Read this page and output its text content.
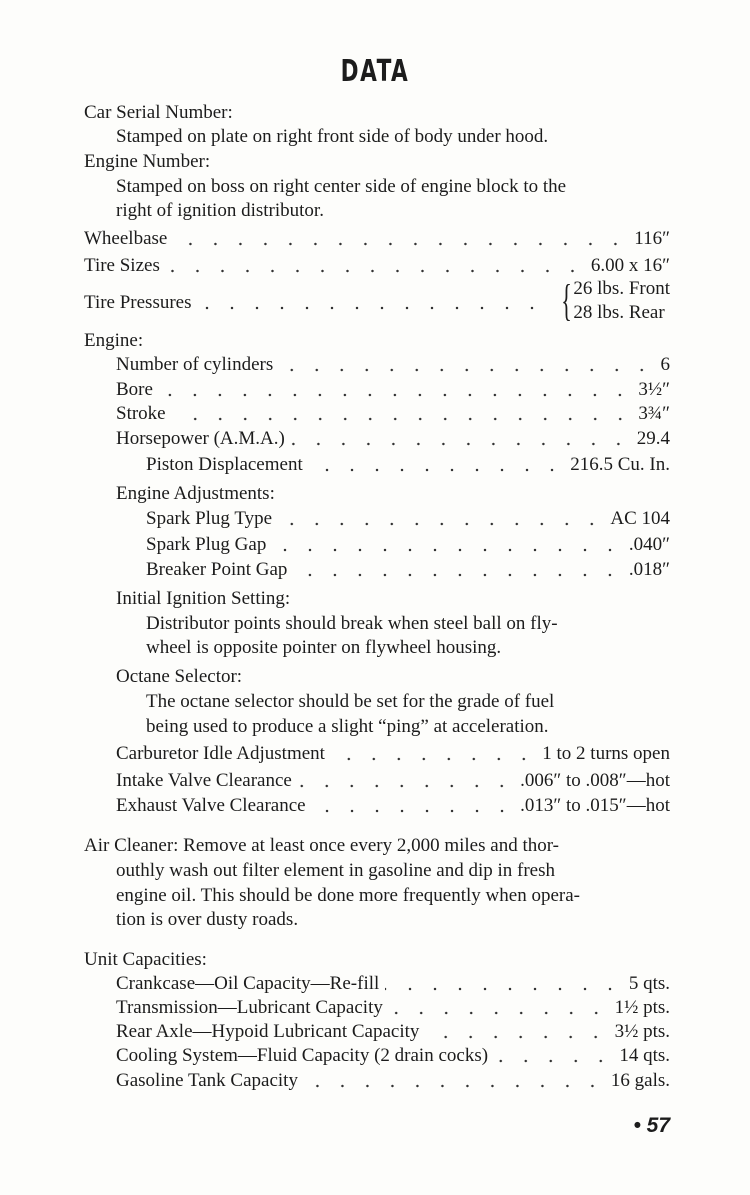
DATA
Car Serial Number:
Stamped on plate on right front side of body under hood.
Engine Number:
Stamped on boss on right center side of engine block to the
right of ignition distributor.
Wheelbase	116″
Tire Sizes	6.00 x 16″
Tire Pressures	{ 26 lbs. Front
28 lbs. Rear
Engine:
Number of cylinders	6
Bore	3½″
Stroke	3¾″
Horsepower (A.M.A.)	29.4
Piston Displacement	216.5 Cu. In.
Engine Adjustments:
Spark Plug Type	AC 104
Spark Plug Gap	.040″
Breaker Point Gap	.018″
Initial Ignition Setting:
Distributor points should break when steel ball on fly-
wheel is opposite pointer on flywheel housing.
Octane Selector:
The octane selector should be set for the grade of fuel
being used to produce a slight “ping” at acceleration.
Carburetor Idle Adjustment	1 to 2 turns open
Intake Valve Clearance	.006″ to .008″—hot
Exhaust Valve Clearance	.013″ to .015″—hot
Air Cleaner: Remove at least once every 2,000 miles and thor-
outhly wash out filter element in gasoline and dip in fresh
engine oil. This should be done more frequently when opera-
tion is over dusty roads.
Unit Capacities:
Crankcase—Oil Capacity—Re-fill	5 qts.
Transmission—Lubricant Capacity	1½ pts.
Rear Axle—Hypoid Lubricant Capacity	3½ pts.
Cooling System—Fluid Capacity (2 drain cocks)	14 qts.
Gasoline Tank Capacity	16 gals.
• 57
